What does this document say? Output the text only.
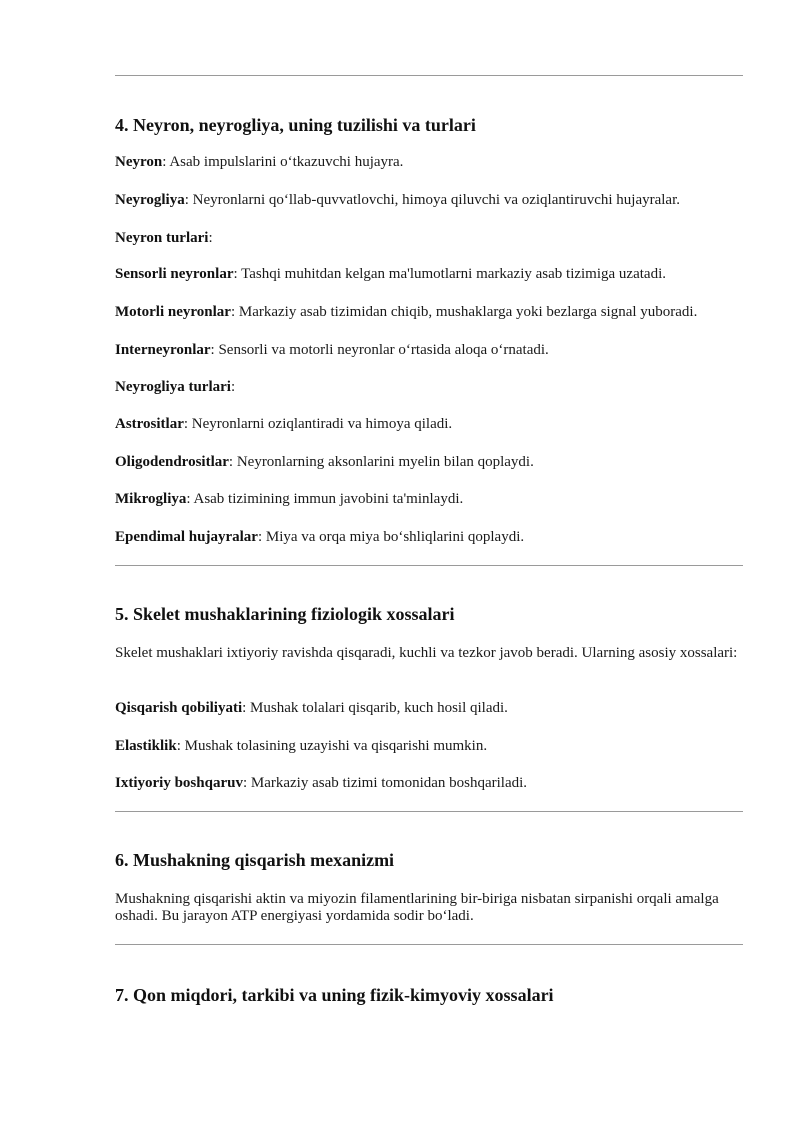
4. Neyron, neyrogliya, uning tuzilishi va turlari

Neyron: Asab impulslarini o‘tkazuvchi hujayra.

Neyrogliya: Neyronlarni qo‘llab-quvvatlovchi, himoya qiluvchi va oziqlantiruvchi hujayralar.

Neyron turlari:

Sensorli neyronlar: Tashqi muhitdan kelgan ma'lumotlarni markaziy asab tizimiga uzatadi.

Motorli neyronlar: Markaziy asab tizimidan chiqib, mushaklarga yoki bezlarga signal yuboradi.

Interneyronlar: Sensorli va motorli neyronlar o‘rtasida aloqa o‘rnatadi.

Neyrogliya turlari:

Astrositlar: Neyronlarni oziqlantiradi va himoya qiladi.

Oligodendrositlar: Neyronlarning aksonlarini myelin bilan qoplaydi.

Mikrogliya: Asab tizimining immun javobini ta'minlaydi.

Ependimal hujayralar: Miya va orqa miya bo‘shliqlarini qoplaydi.

5. Skelet mushaklarining fiziologik xossalari

Skelet mushaklari ixtiyoriy ravishda qisqaradi, kuchli va tezkor javob beradi. Ularning asosiy xossalari:

Qisqarish qobiliyati: Mushak tolalari qisqarib, kuch hosil qiladi.

Elastiklik: Mushak tolasining uzayishi va qisqarishi mumkin.

Ixtiyoriy boshqaruv: Markaziy asab tizimi tomonidan boshqariladi.

6. Mushakning qisqarish mexanizmi

Mushakning qisqarishi aktin va miyozin filamentlarining bir-biriga nisbatan sirpanishi orqali amalga oshadi. Bu jarayon ATP energiyasi yordamida sodir bo‘ladi.

7. Qon miqdori, tarkibi va uning fizik-kimyoviy xossalari
